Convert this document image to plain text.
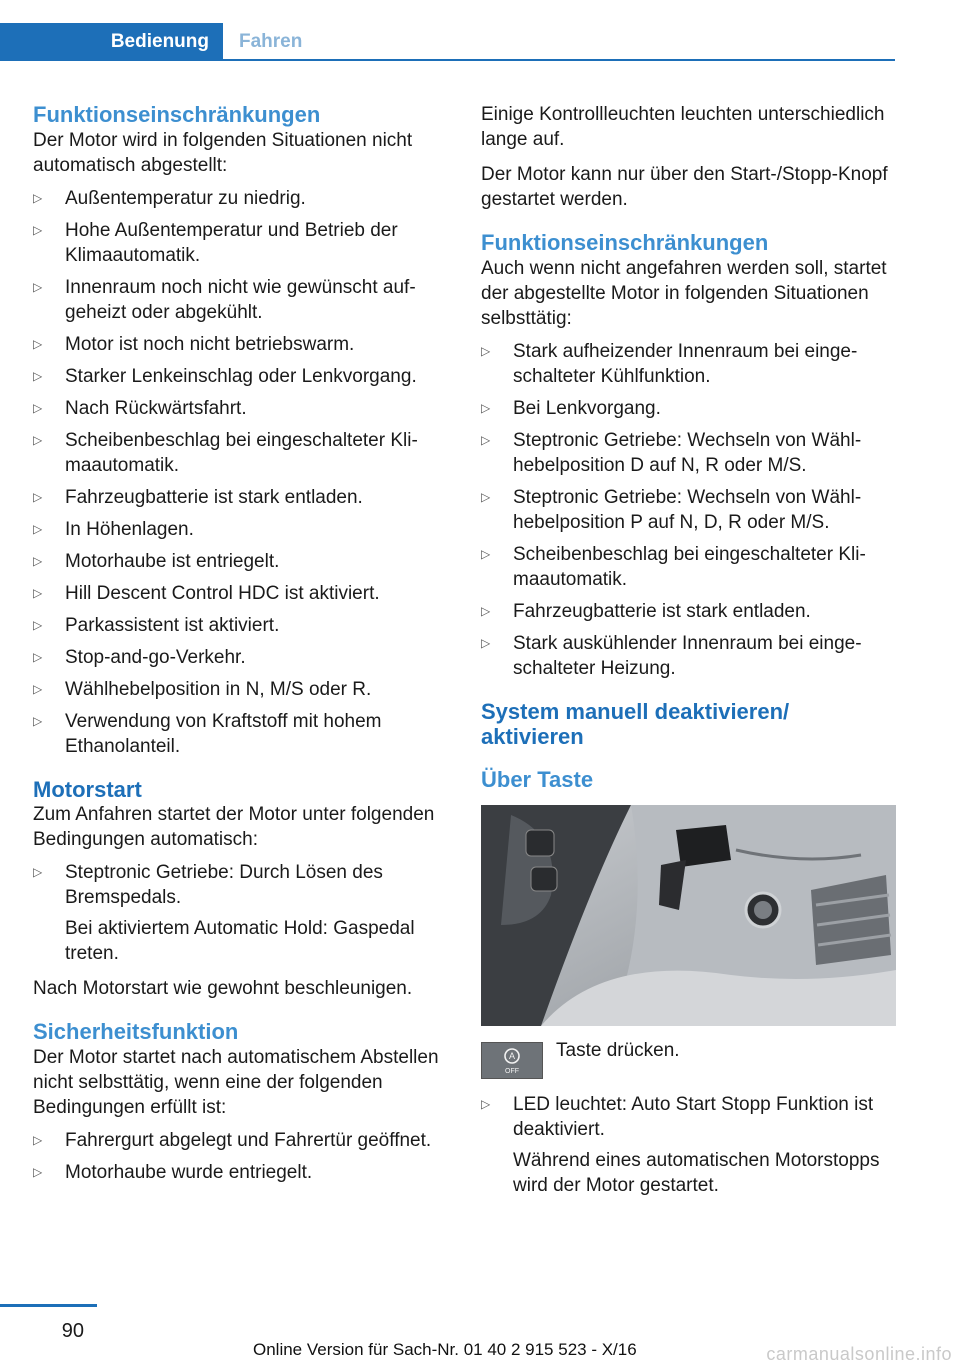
Bedienung	Fahren
Funktionseinschränkungen

Der Motor wird in folgenden Situationen nicht automatisch abgestellt:

▷ Außentemperatur zu niedrig.
▷ Hohe Außentemperatur und Betrieb der Klimaautomatik.
▷ Innenraum noch nicht wie gewünscht aufgeheizt oder abgekühlt.
▷ Motor ist noch nicht betriebswarm.
▷ Starker Lenkeinschlag oder Lenkvorgang.
▷ Nach Rückwärtsfahrt.
▷ Scheibenbeschlag bei eingeschalteter Klimaautomatik.
▷ Fahrzeugbatterie ist stark entladen.
▷ In Höhenlagen.
▷ Motorhaube ist entriegelt.
▷ Hill Descent Control HDC ist aktiviert.
▷ Parkassistent ist aktiviert.
▷ Stop-and-go-Verkehr.
▷ Wählhebelposition in N, M/S oder R.
▷ Verwendung von Kraftstoff mit hohem Ethanolanteil.
Motorstart

Zum Anfahren startet der Motor unter folgenden Bedingungen automatisch:

▷ Steptronic Getriebe: Durch Lösen des Bremspedals.
Bei aktiviertem Automatic Hold: Gaspedal treten.

Nach Motorstart wie gewohnt beschleunigen.

Sicherheitsfunktion

Der Motor startet nach automatischem Abstellen nicht selbsttätig, wenn eine der folgenden Bedingungen erfüllt ist:

▷ Fahrergurt abgelegt und Fahrertür geöffnet.
▷ Motorhaube wurde entriegelt.

Einige Kontrollleuchten leuchten unterschiedlich lange auf.

Der Motor kann nur über den Start-/Stopp-Knopf gestartet werden.

Funktionseinschränkungen

Auch wenn nicht angefahren werden soll, startet der abgestellte Motor in folgenden Situationen selbsttätig:

▷ Stark aufheizender Innenraum bei eingeschalteter Kühlfunktion.
▷ Bei Lenkvorgang.
▷ Steptronic Getriebe: Wechseln von Wählhebelposition D auf N, R oder M/S.
▷ Steptronic Getriebe: Wechseln von Wählhebelposition P auf N, D, R oder M/S.
▷ Scheibenbeschlag bei eingeschalteter Klimaautomatik.
▷ Fahrzeugbatterie ist stark entladen.
▷ Stark auskühlender Innenraum bei eingeschalteter Heizung.
System manuell deaktivieren/ aktivieren
Über Taste
A
OFF

Taste drücken.

▷ LED leuchtet: Auto Start Stopp Funktion ist deaktiviert.
Während eines automatischen Motorstopps wird der Motor gestartet.
90
Online Version für Sach-Nr. 01 40 2 915 523 - X/16	carmanualsonline.info
